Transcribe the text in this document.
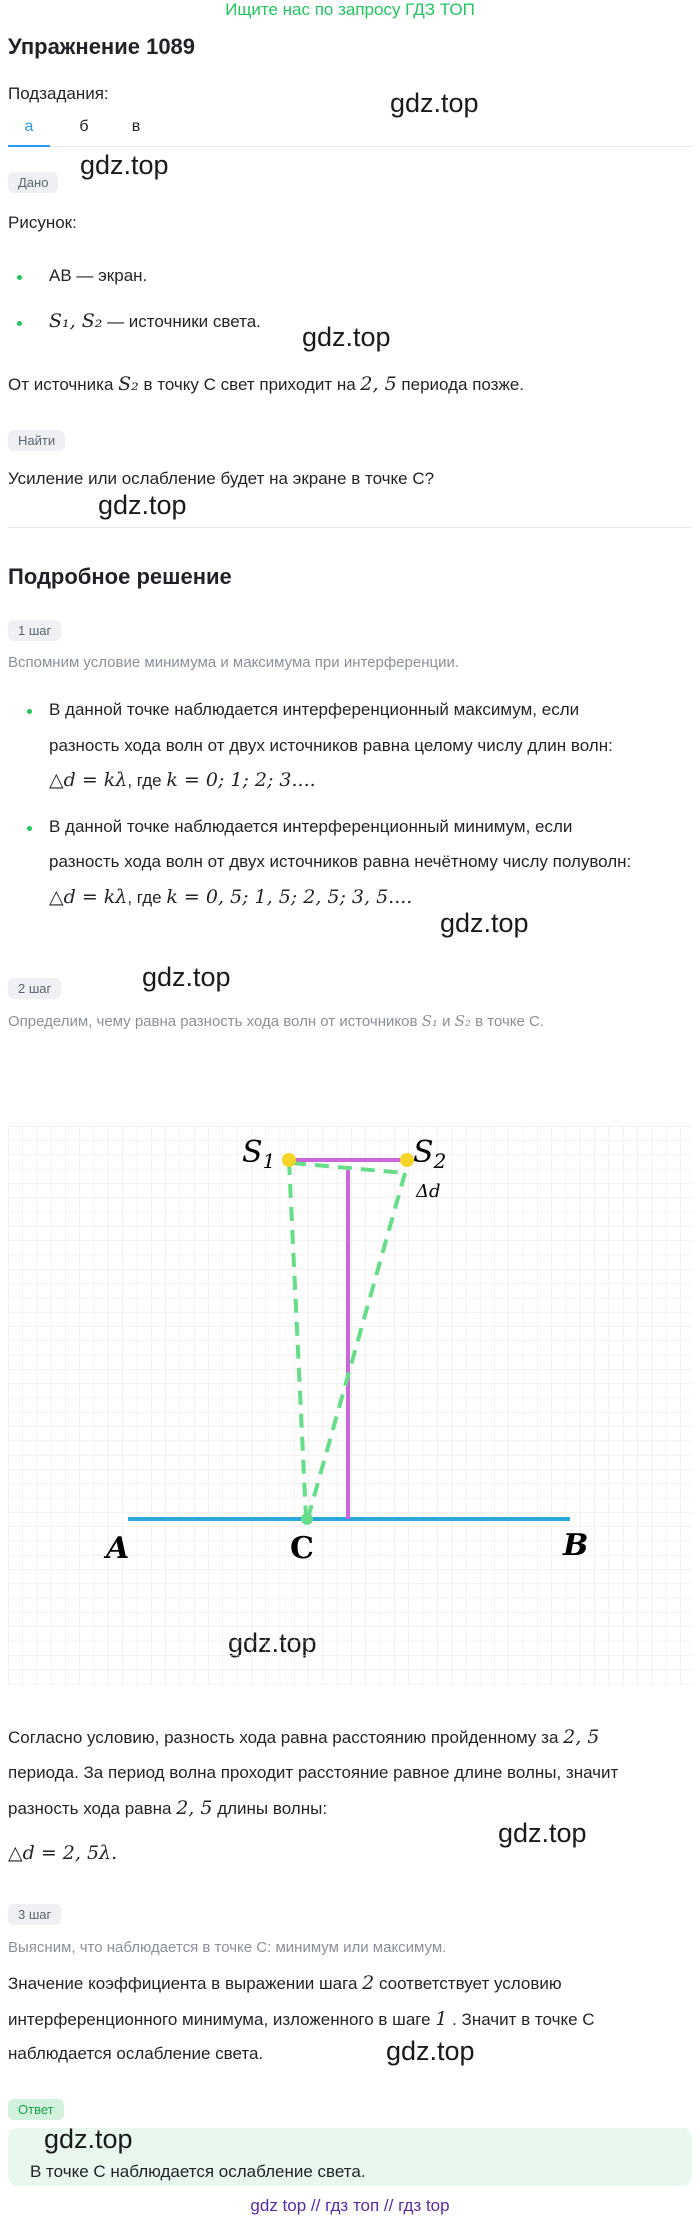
Ищите нас по запросу ГДЗ ТОП
Упражнение 1089
Подзадания:
а	б	в
gdz.top
gdz.top
gdz.top
gdz.top
gdz.top
gdz.top
gdz.top
gdz.top
gdz.top
Дано
Рисунок:
AB — экран.
S₁, S₂ — источники света.
От источника S₂ в точку C свет приходит на 2, 5 периода позже.
Найти
Усиление или ослабление будет на экране в точке C?
Подробное решение
1 шаг
Вспомним условие минимума и максимума при интерференции.
В данной точке наблюдается интерференционный максимум, если
разность хода волн от двух источников равна целому числу длин волн:
△d = kλ, где k = 0; 1; 2; 3....
В данной точке наблюдается интерференционный минимум, если
разность хода волн от двух источников равна нечётному числу полуволн:
△d = kλ, где k = 0, 5; 1, 5; 2, 5; 3, 5....
2 шаг
Определим, чему равна разность хода волн от источников S₁ и S₂ в точке C.
$S_1$	$S_2$
Δd
A	C	B
Согласно условию, разность хода равна расстоянию пройденному за 2, 5
периода. За период волна проходит расстояние равное длине волны, значит
разность хода равна 2, 5 длины волны:
△d = 2, 5λ.
3 шаг
Выясним, что наблюдается в точке C: минимум или максимум.
Значение коэффициента в выражении шага 2 соответствует условию
интерференционного минимума, изложенного в шаге 1 . Значит в точке C
наблюдается ослабление света.
Ответ
В точке C наблюдается ослабление света.
gdz top // гдз топ // гдз top
